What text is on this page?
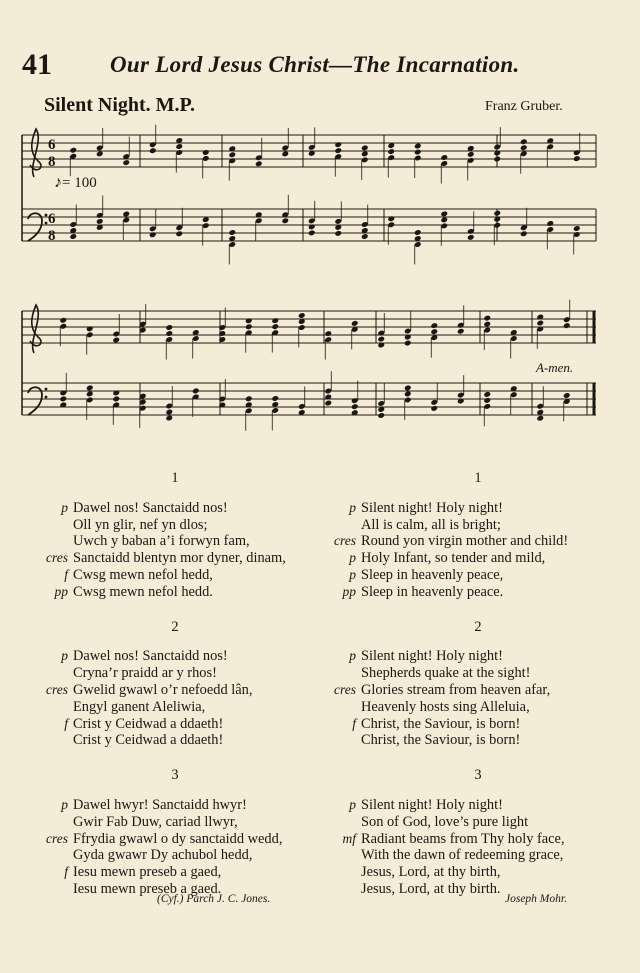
41	Our Lord Jesus Christ—The Incarnation.
Silent Night. M.P.	Franz Gruber.
6
8
6
8
♪= 100
A-men.
1
p Dawel nos! Sanctaidd nos!
Oll yn glir, nef yn dlos;
Uwch y baban a’i forwyn fam,
cres Sanctaidd blentyn mor dyner, dinam,
f Cwsg mewn nefol hedd,
pp Cwsg mewn nefol hedd.
2
p Dawel nos! Sanctaidd nos!
Cryna’r praidd ar y rhos!
cres Gwelid gwawl o’r nefoedd lân,
Engyl ganent Aleliwia,
f Crist y Ceidwad a ddaeth!
Crist y Ceidwad a ddaeth!
3
p Dawel hwyr! Sanctaidd hwyr!
Gwir Fab Duw, cariad llwyr,
cres Ffrydia gwawl o dy sanctaidd wedd,
Gyda gwawr Dy achubol hedd,
f Iesu mewn preseb a gaed,
Iesu mewn preseb a gaed.
1
p Silent night! Holy night!
All is calm, all is bright;
cres Round yon virgin mother and child!
p Holy Infant, so tender and mild,
p Sleep in heavenly peace,
pp Sleep in heavenly peace.
2
p Silent night! Holy night!
Shepherds quake at the sight!
cres Glories stream from heaven afar,
Heavenly hosts sing Alleluia,
f Christ, the Saviour, is born!
Christ, the Saviour, is born!
3
p Silent night! Holy night!
Son of God, love’s pure light
mf Radiant beams from Thy holy face,
With the dawn of redeeming grace,
Jesus, Lord, at thy birth,
Jesus, Lord, at thy birth.
(Cyf.) Parch J. C. Jones.	Joseph Mohr.
